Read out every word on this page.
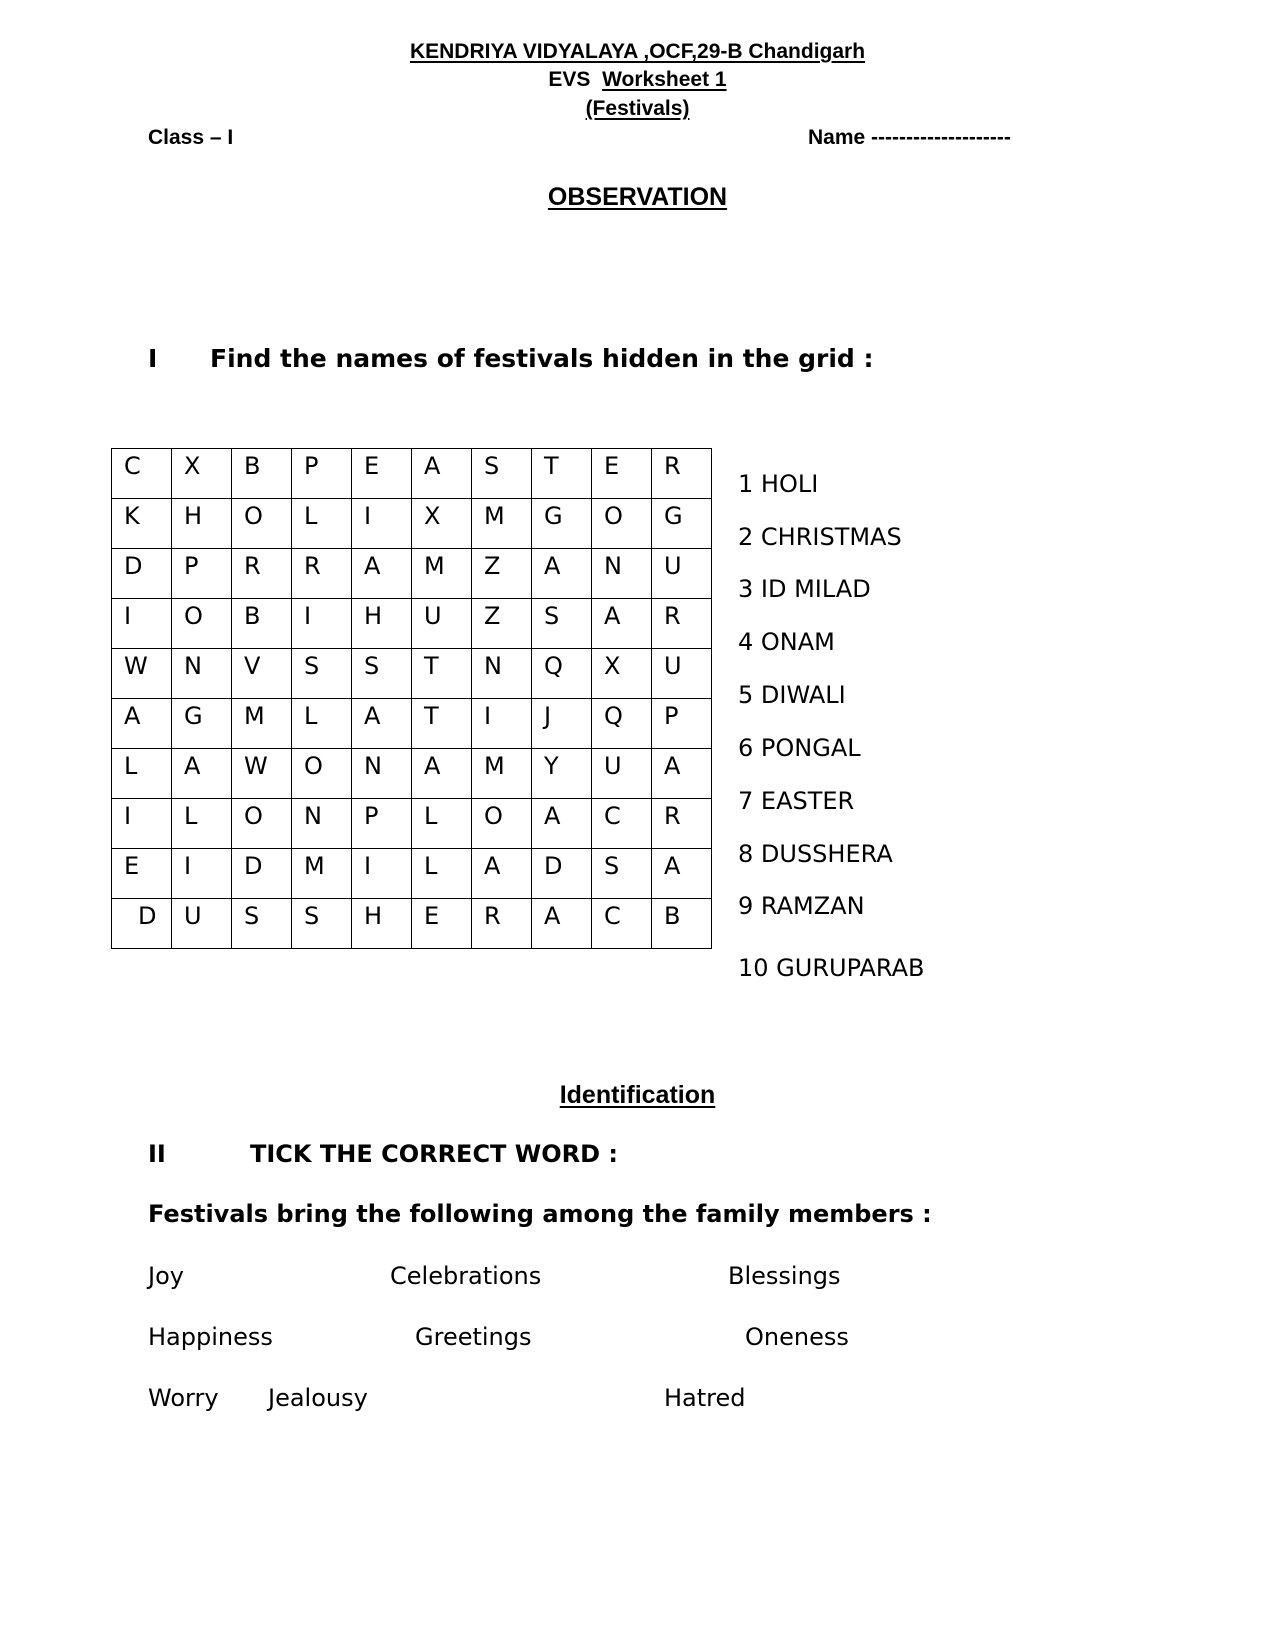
KENDRIYA VIDYALAYA ,OCF,29-B Chandigarh
EVS Worksheet 1
(Festivals)
Class – I	Name --------------------
OBSERVATION
I Find the names of festivals hidden in the grid :
C	X	B	P	E	A	S	T	E	R
K	H	O	L	I	X	M	G	O	G
D	P	R	R	A	M	Z	A	N	U
I	O	B	I	H	U	Z	S	A	R
W	N	V	S	S	T	N	Q	X	U
A	G	M	L	A	T	I	J	Q	P
L	A	W	O	N	A	M	Y	U	A
I	L	O	N	P	L	O	A	C	R
E	I	D	M	I	L	A	D	S	A
D	U	S	S	H	E	R	A	C	B
1 HOLI
2 CHRISTMAS
3 ID MILAD
4 ONAM
5 DIWALI
6 PONGAL
7 EASTER
8 DUSSHERA
9 RAMZAN
10 GURUPARAB
Identification
II	TICK THE CORRECT WORD :
Festivals bring the following among the family members :
Joy	Celebrations	Blessings
Happiness	Greetings	Oneness
Worry Jealousy	Hatred
